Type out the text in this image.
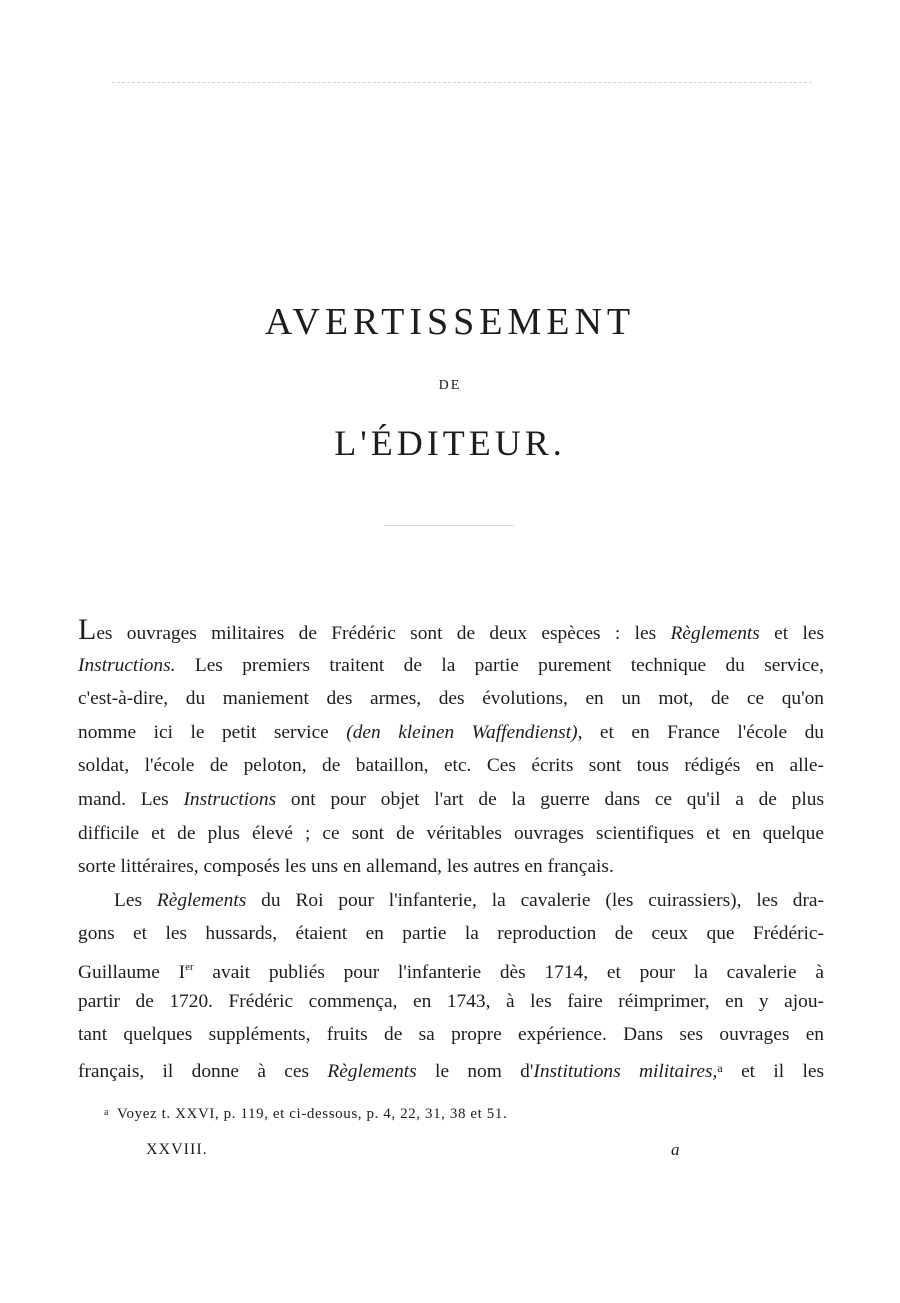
AVERTISSEMENT
DE
L'ÉDITEUR.
Les ouvrages militaires de Frédéric sont de deux espèces : les Règlements et les
Instructions. Les premiers traitent de la partie purement technique du service,
c'est-à-dire, du maniement des armes, des évolutions, en un mot, de ce qu'on
nomme ici le petit service (den kleinen Waffendienst), et en France l'école du
soldat, l'école de peloton, de bataillon, etc. Ces écrits sont tous rédigés en alle-
mand. Les Instructions ont pour objet l'art de la guerre dans ce qu'il a de plus
difficile et de plus élevé ; ce sont de véritables ouvrages scientifiques et en quelque
sorte littéraires, composés les uns en allemand, les autres en français.
Les Règlements du Roi pour l'infanterie, la cavalerie (les cuirassiers), les dra-
gons et les hussards, étaient en partie la reproduction de ceux que Frédéric-
Guillaume Ier avait publiés pour l'infanterie dès 1714, et pour la cavalerie à
partir de 1720. Frédéric commença, en 1743, à les faire réimprimer, en y ajou-
tant quelques suppléments, fruits de sa propre expérience. Dans ses ouvrages en
français, il donne à ces Règlements le nom d'Institutions militaires,$^a$ et il les
$^a$ Voyez t. XXVI, p. 119, et ci-dessous, p. 4, 22, 31, 38 et 51.
XXVIII.	a
